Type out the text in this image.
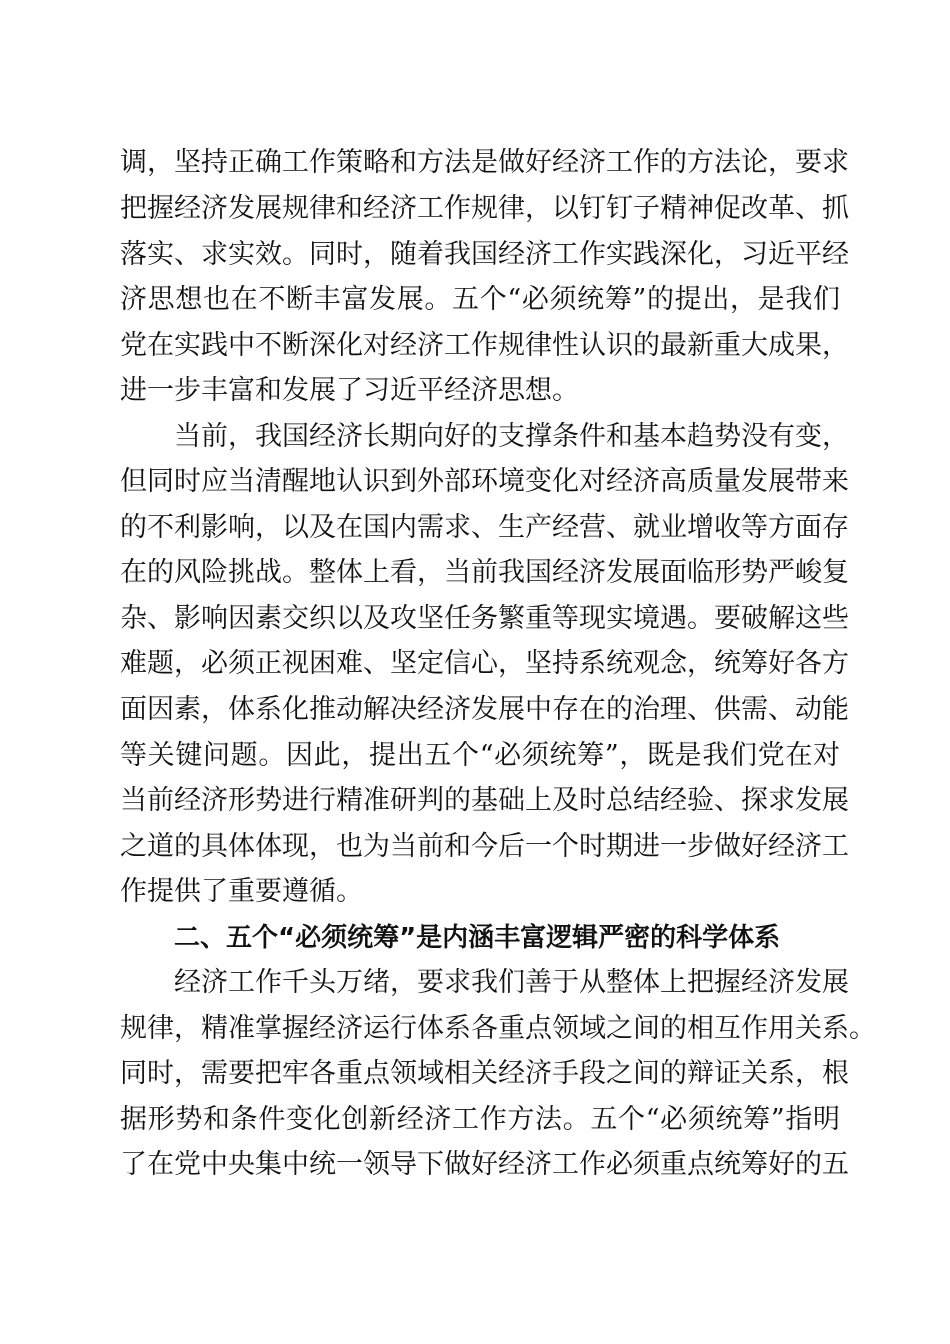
调，坚持正确工作策略和方法是做好经济工作的方法论，要求
把握经济发展规律和经济工作规律，以钉钉子精神促改革、抓
落实、求实效。同时，随着我国经济工作实践深化，习近平经
济思想也在不断丰富发展。五个“必须统筹”的提出，是我们
党在实践中不断深化对经济工作规律性认识的最新重大成果，
进一步丰富和发展了习近平经济思想。
当前，我国经济长期向好的支撑条件和基本趋势没有变，
但同时应当清醒地认识到外部环境变化对经济高质量发展带来
的不利影响，以及在国内需求、生产经营、就业增收等方面存
在的风险挑战。整体上看，当前我国经济发展面临形势严峻复
杂、影响因素交织以及攻坚任务繁重等现实境遇。要破解这些
难题，必须正视困难、坚定信心，坚持系统观念，统筹好各方
面因素，体系化推动解决经济发展中存在的治理、供需、动能
等关键问题。因此，提出五个“必须统筹”，既是我们党在对
当前经济形势进行精准研判的基础上及时总结经验、探求发展
之道的具体体现，也为当前和今后一个时期进一步做好经济工
作提供了重要遵循。
二、五个“必须统筹”是内涵丰富逻辑严密的科学体系
经济工作千头万绪，要求我们善于从整体上把握经济发展
规律，精准掌握经济运行体系各重点领域之间的相互作用关系。
同时，需要把牢各重点领域相关经济手段之间的辩证关系，根
据形势和条件变化创新经济工作方法。五个“必须统筹”指明
了在党中央集中统一领导下做好经济工作必须重点统筹好的五
